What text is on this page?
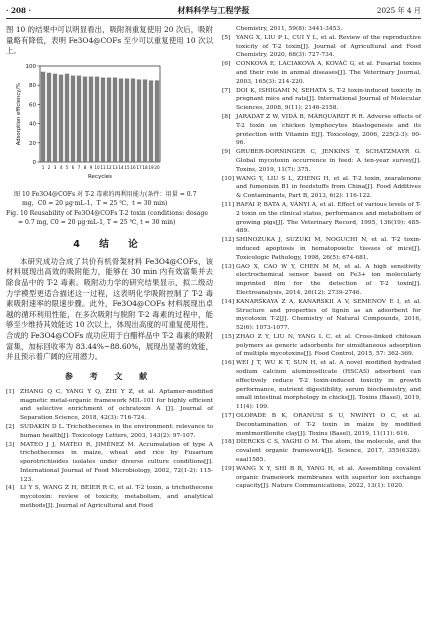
· 208 ·	材料科学与工程学报	2025 年 4 月

图 10 的结果中可以明显看出，吸附剂重复使用 20 次后，吸附量略有降低，表明 Fe3O4@COFs 至少可以重复使用 10 次以上。

0
20
40
60
80
100
1 2 3 4 5 6 7 8 9 10 11 12 13 14 15 16 17 18 19 20
Adsorption efficiency/%
Recycles

图 10 Fe3O4@COFs 对 T-2 毒素的再利用能力(条件：用量 = 0.7 mg，C0 = 20 μg·mL-1，T = 25 ℃，t = 30 min)

Fig. 10 Reusability of Fe3O4@COFs T-2 toxin (conditions: dosage = 0.7 mg, C0 = 20 μg·mL-1, T = 25 ℃, t = 30 min)

4 结 论

本研究成功合成了共价有机骨架材料 Fe3O4@COFs，该材料展现出高效的吸附能力，能够在 30 min 内有效富集并去除食品中的 T-2 毒素。吸附动力学的研究结果显示，拟二级动力学模型更适合描述这一过程，这表明化学吸附控制了 T-2 毒素吸附速率的限速步骤。此外，Fe3O4@COFs 材料展现出卓越的循环利用性能，在多次吸附与脱附 T-2 毒素的过程中，能够至少维持其效能达 10 次以上，体现出高度的可重复使用性。合成的 Fe3O4@COFs 成功应用于白醋样品中 T-2 毒素的吸附富集，加标回收率为 83.44%~88.60%，展现出显著的效能，并且预示着广阔的应用潜力。

参 考 文 献

[1] ZHANG Q C, YANG Y Q, ZHI Y Z, et al. Aptamer-modified magnetic metal-organic framework MIL-101 for highly efficient and selective enrichment of ochratoxin A [J]. Journal of Separation Science, 2018, 42(3): 716-724.

[2] SUDAKIN D L. Trichothecenes in the environment: relevance to human health[J]. Toxicology Letters, 2003, 143(2): 97-107.

[3] MATEO J J, MATEO R, JIMÉNEZ M. Accumulation of type A trichothecenes in maize, wheat and rice by Fusarium sporotrichioides isolates under diverse culture conditions[J]. International Journal of Food Microbiology, 2002, 72(1-2): 115-123.

[4] LI Y S, WANG Z H, BEIER R C, et al. T-2 toxin, a trichothecene mycotoxin: review of toxicity, metabolism, and analytical methods[J]. Journal of Agricultural and Food

Chemistry, 2011, 59(8): 3441-3453.

[5] YANG X, LIU P L, CUI Y L, et al. Review of the reproductive toxicity of T-2 toxin[J]. Journal of Agricultural and Food Chemistry, 2020, 68(3): 727-734.

[6] CONKOVÁ E, LACIAKOVÁ A, KOVÁČ G, et al. Fusarial toxins and their role in animal diseases[J]. The Veterinary Journal, 2003, 165(3): 214-220.

[7] DOI K, ISHIGAMI N, SEHATA S. T-2 toxin-induced toxicity in pregnant mice and rats[J]. International Journal of Molecular Sciences, 2008, 9(11): 2146-2158.

[8] JARADAT Z W, VIDÁ B, MARQUARDT R R. Adverse effects of T-2 toxin on chicken lymphocytes blastogenesis and its protection with Vitamin E[J]. Toxicology, 2006, 225(2-3): 90-96.

[9] GRUBER-DORNINGER C, JENKINS T, SCHATZMAYR G. Global mycotoxin occurrence in feed: A ten-year survey[J]. Toxins, 2019, 11(7): 375.

[10] WANG Y, LIU S L, ZHENG H, et al. T-2 toxin, zearalenone and fumonisin B1 in feedstuffs from China[J]. Food Additives & Contaminants, Part B, 2013, 6(2): 116-122.

[11] RAFAI P, BATA A, VÁNYI A, et al. Effect of various levels of T-2 toxin on the clinical status, performance and metabolism of growing pigs[J]. The Veterinary Record, 1995, 136(19): 485-489.

[12] SHINOZUKA J, SUZUKI M, NOGUCHI N, et al. T-2 toxin-induced apoptosis in hematopoietic tissues of mice[J]. Toxicologic Pathology, 1998, 26(5): 674-681.

[13] GAO X, CAO W Y, CHEN M M, et al. A high sensitivity electrochemical sensor based on Fe3+ ion molecularly imprinted film for the detection of T-2 toxin[J]. Electroanalysis, 2014, 26(12): 2739-2746.

[14] KANARSKAYA Z A, KANARSKII A V, SEMENOV E I, et al. Structure and properties of lignin as an adsorbent for mycotoxin T-2[J]. Chemistry of Natural Compounds, 2016, 52(6): 1073-1077.

[15] ZHAO Z Y, LIU N, YANG L C, et al. Cross-linked chitosan polymers as generic adsorbents for simultaneous adsorption of multiple mycotoxins[J]. Food Control, 2015, 57: 362-369.

[16] WEI J T, WU K T, SUN H, et al. A novel modified hydrated sodium calcium aluminosilicate (HSCAS) adsorbent can effectively reduce T-2 toxin-induced toxicity in growth performance, nutrient digestibility, serum biochemistry, and small intestinal morphology in chicks[J]. Toxins (Basel), 2019, 11(4): 199.

[17] OLOPADE B K, ORANUSI S U, NWINYI O C, et al. Decontamination of T-2 toxin in maize by modified montmorillonite clay[J]. Toxins (Basel), 2019, 11(11): 616.

[18] DIERCKS C S, YAGHI O M. The atom, the molecule, and the covalent organic framework[J]. Science, 2017, 355(6328): eaal1585.

[19] WANG X Y, SHI B B, YANG H, et al. Assembling covalent organic framework membranes with superior ion exchange capacity[J]. Nature Communications, 2022, 13(1): 1020.
